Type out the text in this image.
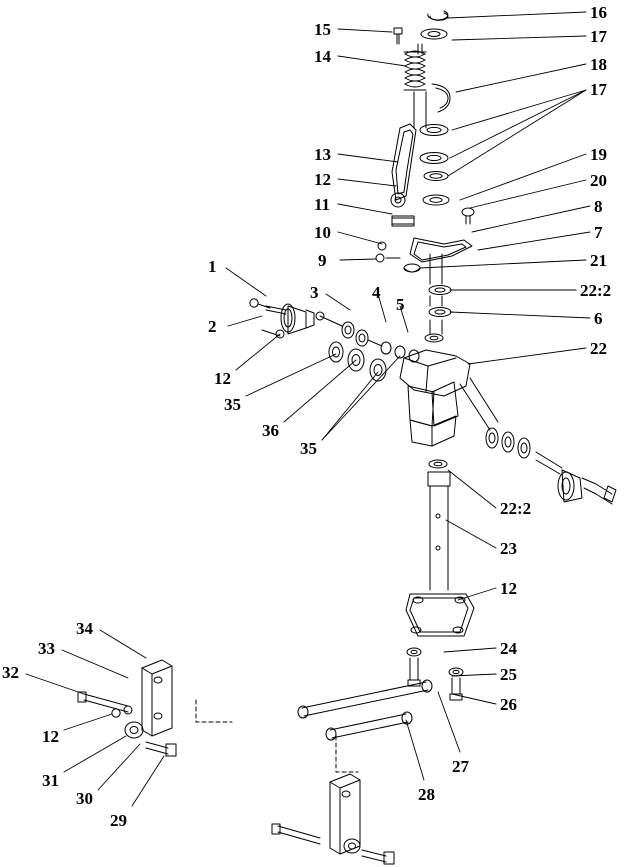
16
15	17
14	18
17
13	19
12	20
8
11
7
10
9	21
1
22:2
3	4
5
6
2
22
12
35
36
35
22:2
23
12
34
33	24
32	25
26
12
31
30
27
29
28
